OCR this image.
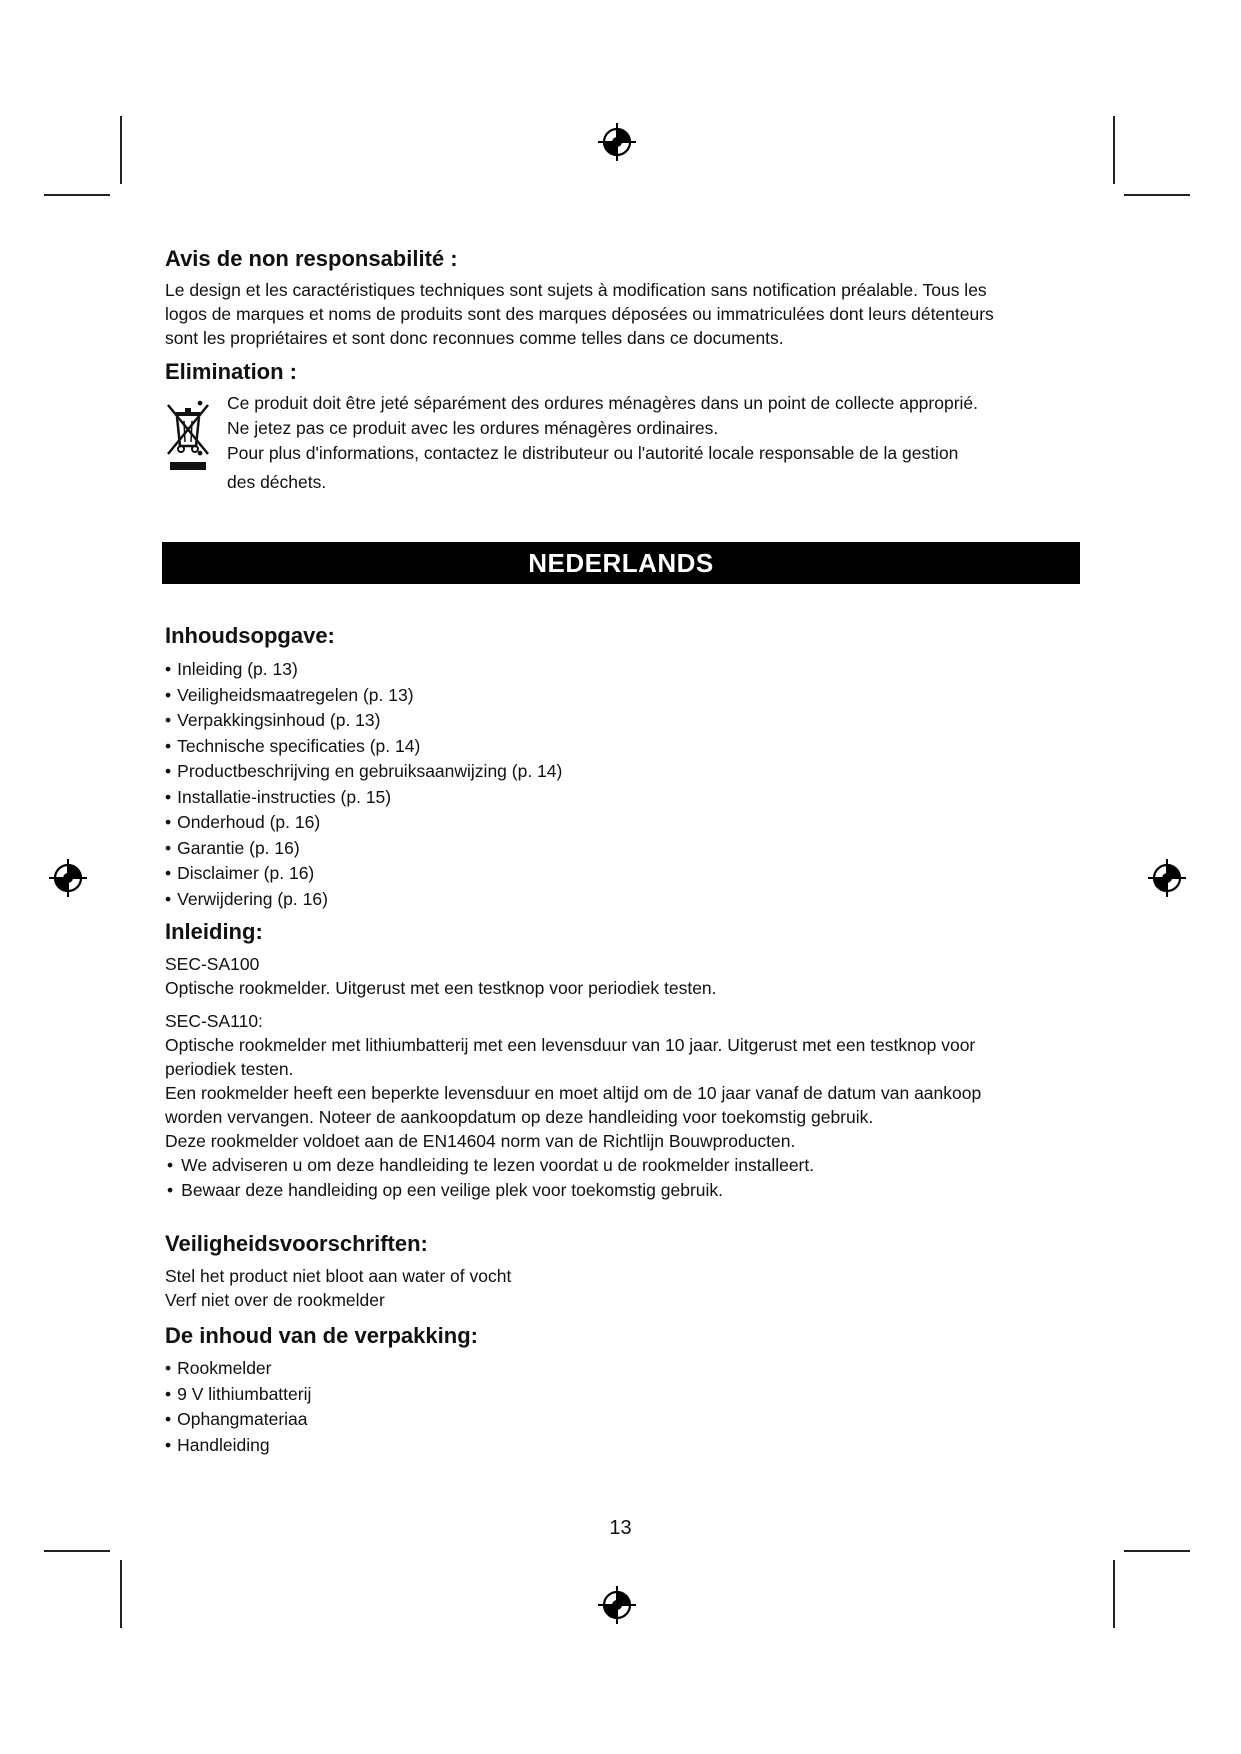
Avis de non responsabilité :

Le design et les caractéristiques techniques sont sujets à modification sans notification préalable. Tous les

logos de marques et noms de produits sont des marques déposées ou immatriculées dont leurs détenteurs

sont les propriétaires et sont donc reconnues comme telles dans ce documents.

Elimination :
• Ce produit doit être jeté séparément des ordures ménagères dans un point de collecte approprié.
Ne jetez pas ce produit avec les ordures ménagères ordinaires.
• Pour plus d'informations, contactez le distributeur ou l'autorité locale responsable de la gestion
des déchets.
NEDERLANDS
Inhoudsopgave:
• Inleiding (p. 13)
• Veiligheidsmaatregelen (p. 13)
• Verpakkingsinhoud (p. 13)
• Technische specificaties (p. 14)
• Productbeschrijving en gebruiksaanwijzing (p. 14)
• Installatie-instructies (p. 15)
• Onderhoud (p. 16)
• Garantie (p. 16)
• Disclaimer (p. 16)
• Verwijdering (p. 16)
Inleiding:

SEC-SA100

Optische rookmelder. Uitgerust met een testknop voor periodiek testen.

SEC-SA110:

Optische rookmelder met lithiumbatterij met een levensduur van 10 jaar. Uitgerust met een testknop voor

periodiek testen.

Een rookmelder heeft een beperkte levensduur en moet altijd om de 10 jaar vanaf de datum van aankoop

worden vervangen. Noteer de aankoopdatum op deze handleiding voor toekomstig gebruik.

Deze rookmelder voldoet aan de EN14604 norm van de Richtlijn Bouwproducten.

• We adviseren u om deze handleiding te lezen voordat u de rookmelder installeert.
• Bewaar deze handleiding op een veilige plek voor toekomstig gebruik.
Veiligheidsvoorschriften:

Stel het product niet bloot aan water of vocht

Verf niet over de rookmelder

De inhoud van de verpakking:
• Rookmelder
• 9 V lithiumbatterij
• Ophangmateriaa
• Handleiding
13
